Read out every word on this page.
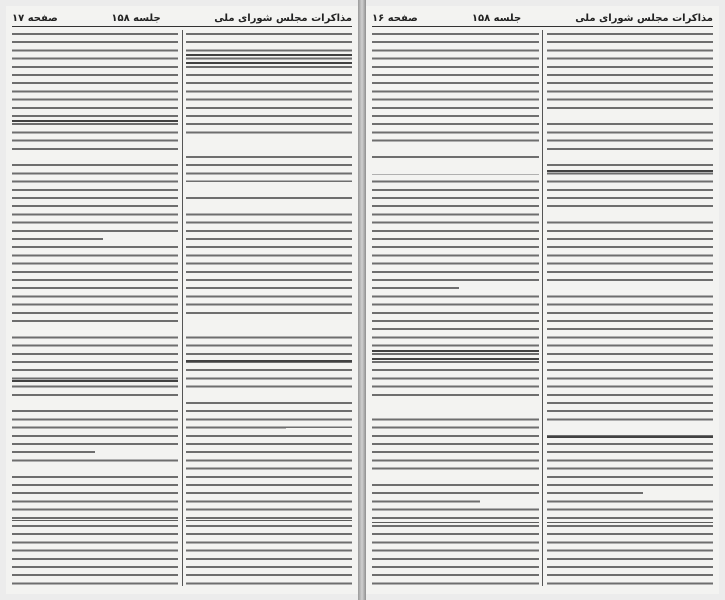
مذاکرات مجلس شورای ملی
جلسه ۱۵۸
صفحه ۱۷	مذاکرات مجلس شورای ملی
جلسه ۱۵۸
صفحه ۱۶
